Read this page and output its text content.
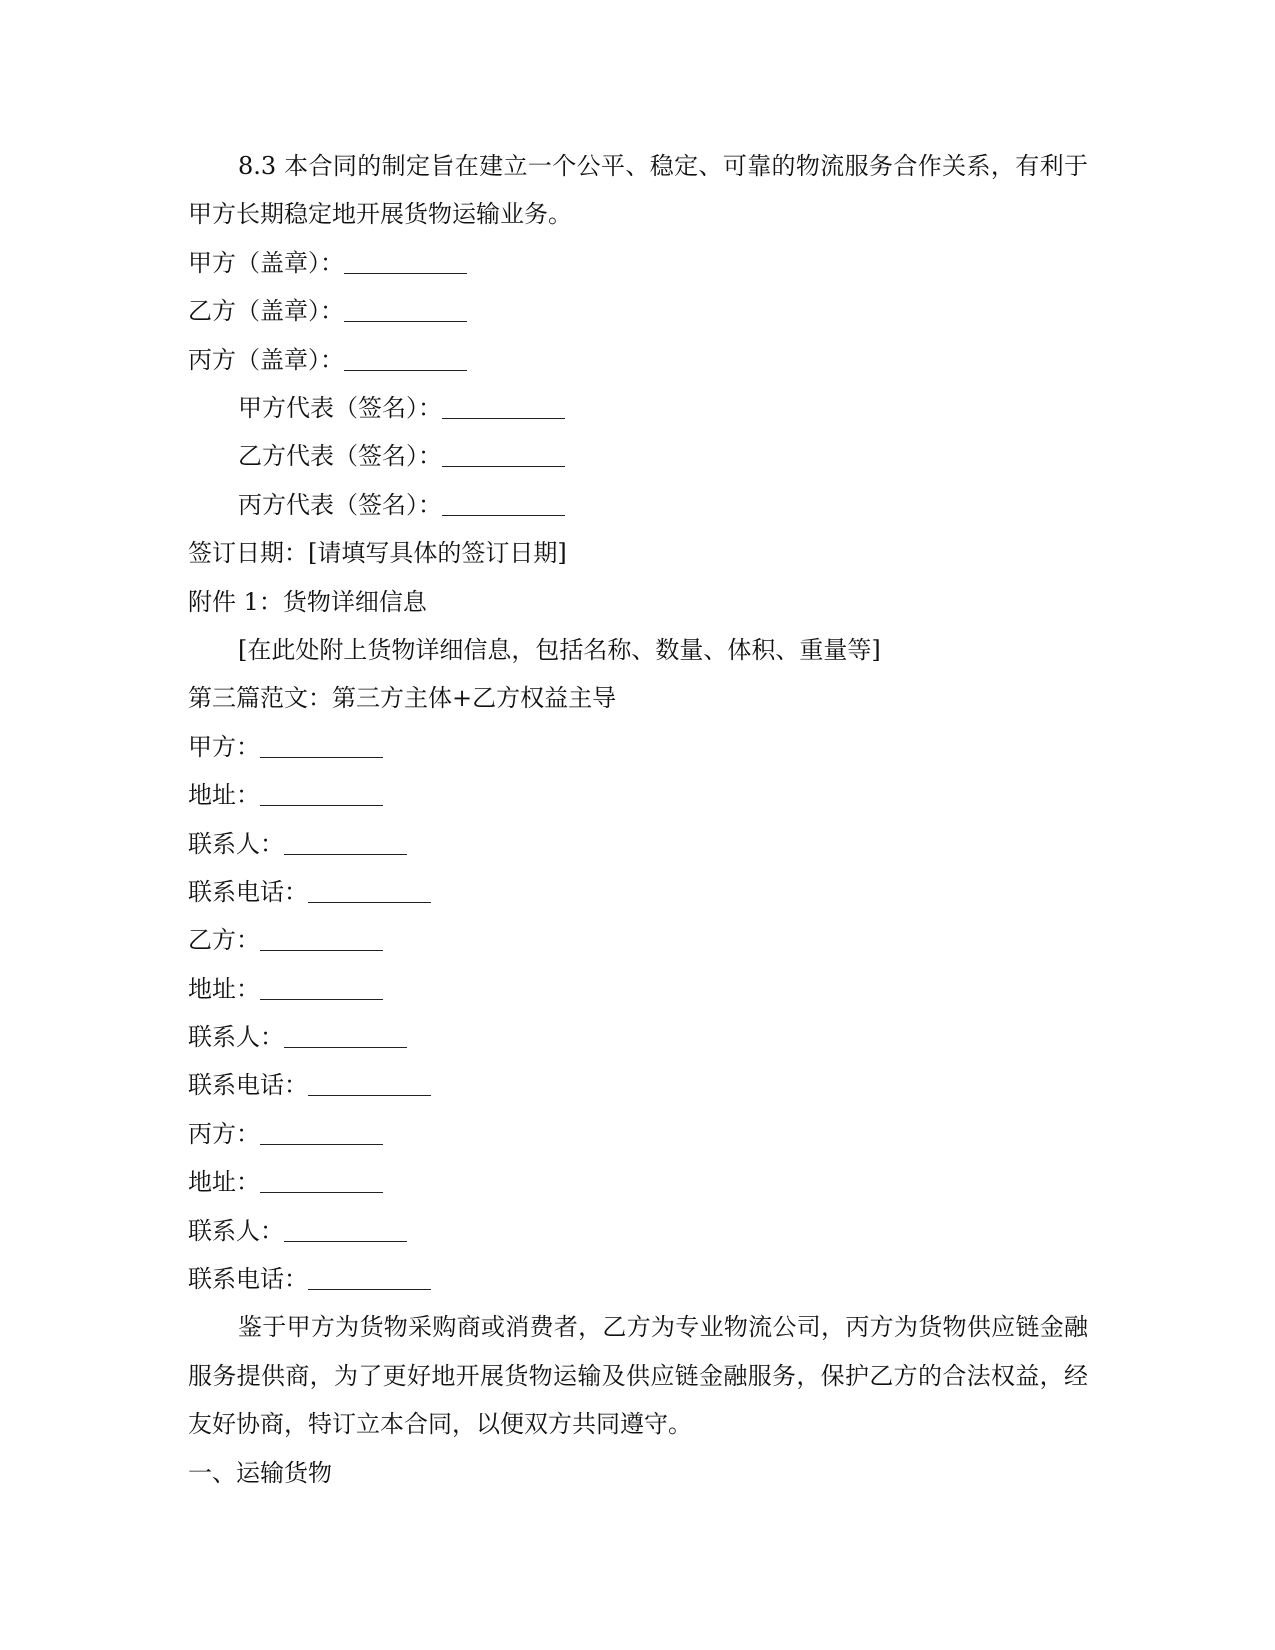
8.3 本合同的制定旨在建立一个公平、稳定、可靠的物流服务合作关系，有利于甲方长期稳定地开展货物运输业务。
甲方（盖章）：
乙方（盖章）：
丙方（盖章）：
甲方代表（签名）：
乙方代表（签名）：
丙方代表（签名）：
签订日期：[请填写具体的签订日期]
附件 1：货物详细信息
[在此处附上货物详细信息，包括名称、数量、体积、重量等]
第三篇范文：第三方主体+乙方权益主导
甲方：
地址：
联系人：
联系电话：
乙方：
地址：
联系人：
联系电话：
丙方：
地址：
联系人：
联系电话：
鉴于甲方为货物采购商或消费者，乙方为专业物流公司，丙方为货物供应链金融服务提供商，为了更好地开展货物运输及供应链金融服务，保护乙方的合法权益，经友好协商，特订立本合同，以便双方共同遵守。
一、运输货物
